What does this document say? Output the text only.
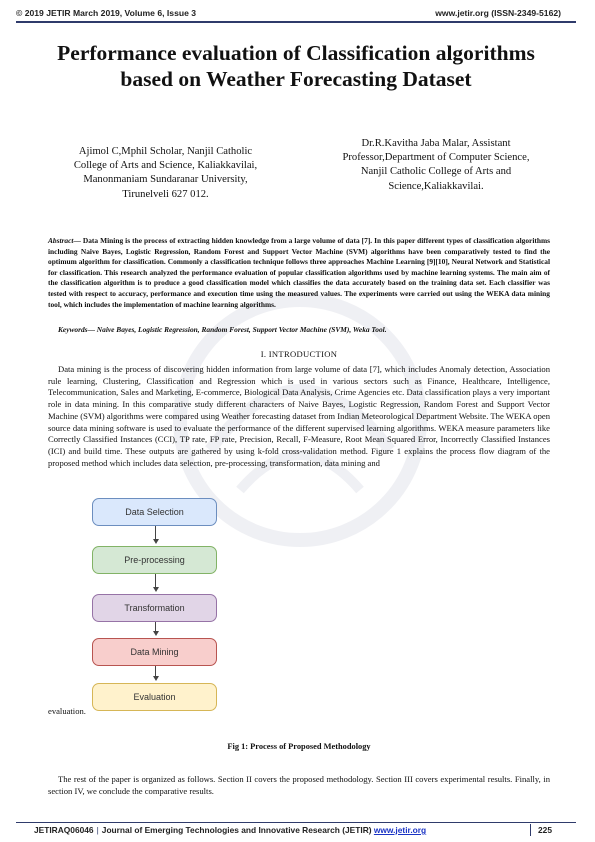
© 2019 JETIR March 2019, Volume 6, Issue 3	www.jetir.org (ISSN-2349-5162)
Performance evaluation of Classification algorithms based on Weather Forecasting Dataset
Ajimol C,Mphil Scholar, Nanjil Catholic
College of Arts and Science, Kaliakkavilai,
Manonmaniam Sundaranar University,
Tirunelveli 627 012.
Dr.R.Kavitha Jaba Malar, Assistant
Professor,Department of Computer Science,
Nanjil Catholic College of Arts and
Science,Kaliakkavilai.
Abstract— Data Mining is the process of extracting hidden knowledge from a large volume of data [7]. In this paper different types of classification algorithms including Naive Bayes, Logistic Regression, Random Forest and Support Vector Machine (SVM) algorithms have been comparatively tested to find the optimum algorithm for classification. Commonly a classification technique follows three approaches Machine Learning [9][10], Neural Network and Statistical for classification. This research analyzed the performance evaluation of popular classification algorithms used by machine learning systems. The main aim of the classification algorithm is to produce a good classification model which classifies the data accurately based on the training data set. Each classifier was tested with respect to accuracy, performance and execution time using the measured values. The experiments were carried out using the WEKA data mining tool, which includes the implementation of machine learning algorithms.
Keywords— Naive Bayes, Logistic Regression, Random Forest, Support Vector Machine (SVM), Weka Tool.
I. INTRODUCTION
Data mining is the process of discovering hidden information from large volume of data [7], which includes Anomaly detection, Association rule learning, Clustering, Classification and Regression which is used in various sectors such as Finance, Healthcare, Intelligence, Telecommunication, Sales and Marketing, E-commerce, Biological Data Analysis, Crime Agencies etc. Data classification plays a very important role in data mining. In this comparative study different characters of Naive Bayes, Logistic Regression, Random Forest and Support Vector Machine (SVM) algorithms were compared using Weather forecasting dataset from Indian Meteorological Department Website. The WEKA open source data mining software is used to evaluate the performance of the different supervised learning algorithms. WEKA measure parameters like Correctly Classified Instances (CCI), TP rate, FP rate, Precision, Recall, F-Measure, Root Mean Squared Error, Incorrectly Classified Instances (ICI) and build time. These outputs are gathered by using k-fold cross-validation method. Figure 1 explains the process flow diagram of the proposed method which includes data selection, pre-processing, transformation, data mining and
Data Selection
Pre-processing
Transformation
Data Mining
Evaluation
evaluation.
Fig 1: Process of Proposed Methodology
The rest of the paper is organized as follows. Section II covers the proposed methodology. Section III covers experimental results. Finally, in section IV, we conclude the comparative results.
JETIRAQ06046 | Journal of Emerging Technologies and Innovative Research (JETIR) www.jetir.org	225
